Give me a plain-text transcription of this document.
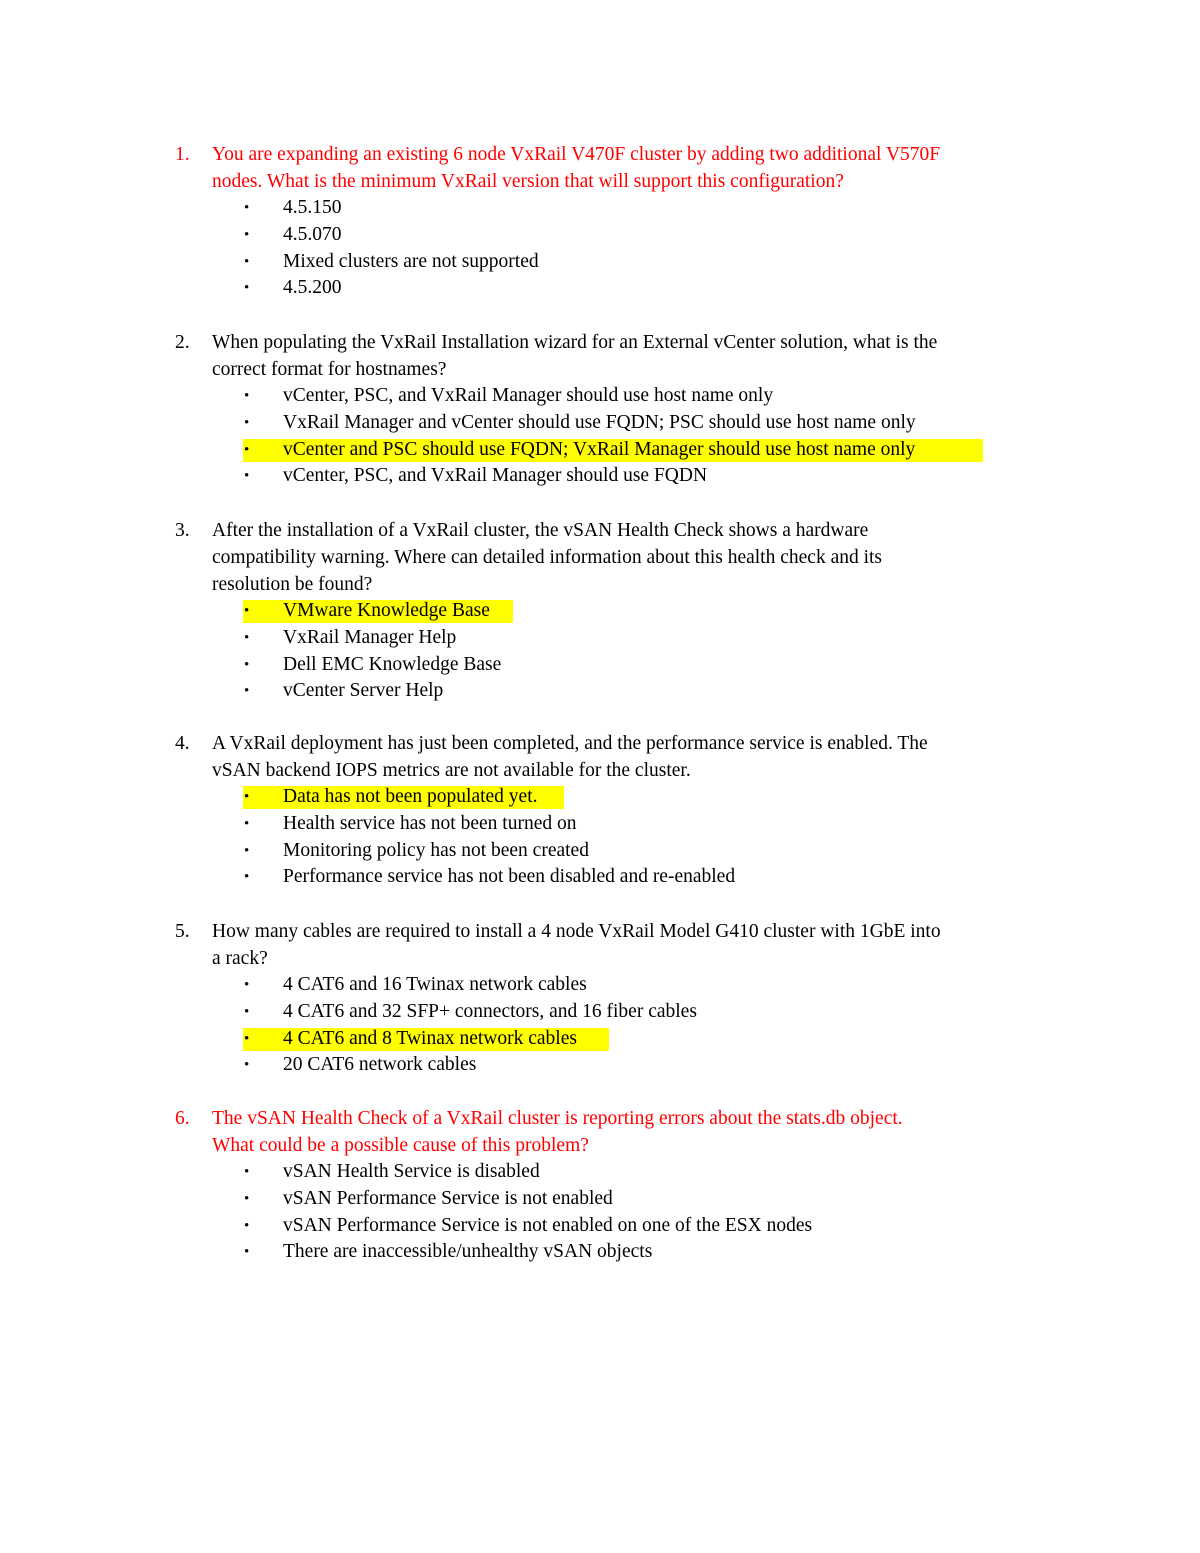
1. You are expanding an existing 6 node VxRail V470F cluster by adding two additional V570F
nodes. What is the minimum VxRail version that will support this configuration?
• 4.5.150
• 4.5.070
• Mixed clusters are not supported
• 4.5.200
2. When populating the VxRail Installation wizard for an External vCenter solution, what is the
correct format for hostnames?
• vCenter, PSC, and VxRail Manager should use host name only
• VxRail Manager and vCenter should use FQDN; PSC should use host name only
• vCenter and PSC should use FQDN; VxRail Manager should use host name only
• vCenter, PSC, and VxRail Manager should use FQDN
3. After the installation of a VxRail cluster, the vSAN Health Check shows a hardware
compatibility warning. Where can detailed information about this health check and its
resolution be found?
• VMware Knowledge Base
• VxRail Manager Help
• Dell EMC Knowledge Base
• vCenter Server Help
4. A VxRail deployment has just been completed, and the performance service is enabled. The
vSAN backend IOPS metrics are not available for the cluster.
• Data has not been populated yet.
• Health service has not been turned on
• Monitoring policy has not been created
• Performance service has not been disabled and re-enabled
5. How many cables are required to install a 4 node VxRail Model G410 cluster with 1GbE into
a rack?
• 4 CAT6 and 16 Twinax network cables
• 4 CAT6 and 32 SFP+ connectors, and 16 fiber cables
• 4 CAT6 and 8 Twinax network cables
• 20 CAT6 network cables
6. The vSAN Health Check of a VxRail cluster is reporting errors about the stats.db object.
What could be a possible cause of this problem?
• vSAN Health Service is disabled
• vSAN Performance Service is not enabled
• vSAN Performance Service is not enabled on one of the ESX nodes
• There are inaccessible/unhealthy vSAN objects
